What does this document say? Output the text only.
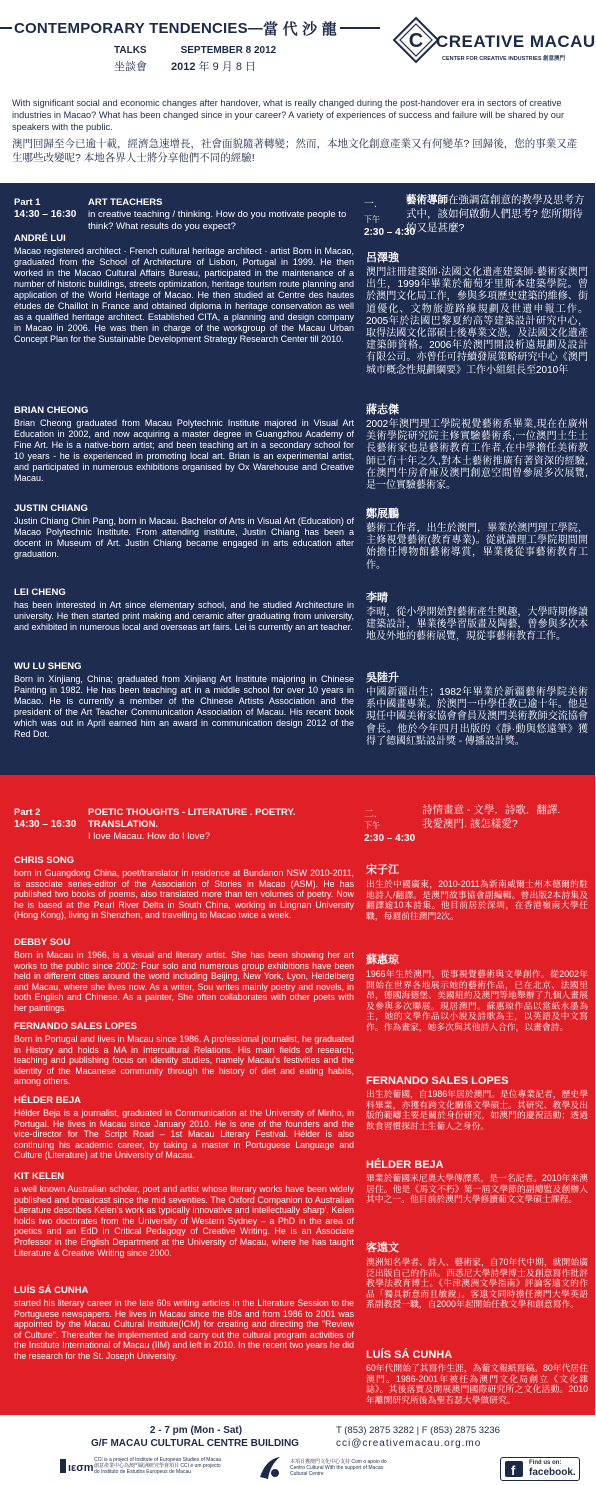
CONTEMPORARY TENDENCIES — 當 代 沙 龍
TALKS	SEPTEMBER 8 2012
坐談會 2012 年 9 月 8 日
C CREATIVE MACAU
CENTER FOR CREATIVE INDUSTRIES 創意澳門

With significant social and economic changes after handover, what is really changed during the post-handover era in sectors of creative industries in Macao? What has been changed since in your career? A variety of experiences of success and failure will be shared by our speakers with the public.

澳門回歸至今已逾十載，經濟急速增長，社會面貌隨著轉變；然而，本地文化創意產業又有何變革? 回歸後，您的事業又產生哪些改變呢? 本地各界人士將分享他們不同的經驗!

Part 1
14:30 – 16:30
ART TEACHERS
in creative teaching / thinking. How do you motivate people to think? What results do you expect?
一.
下午
2:30 – 4:30
藝術導師在強調富創意的教學及思考方式中，該如何啟動人們思考? 您所期待的又是甚麼?
ANDRÉ LUI
Macao registered architect · French cultural heritage architect · artist Born in Macao, graduated from the School of Architecture of Lisbon, Portugal in 1999. He then worked in the Macao Cultural Affairs Bureau, participated in the maintenance of a number of historic buildings, streets optimization, heritage tourism route planning and application of the World Heritage of Macao. He then studied at Centre des hautes études de Chaillot in France and obtained diploma in heritage conservation as well as a qualified heritage architect. Established CITA, a planning and design company in Macao in 2006. He was then in charge of the workgroup of the Macau Urban Concept Plan for the Sustainable Development Strategy Research Center till 2010.
BRIAN CHEONG
Brian Cheong graduated from Macau Polytechnic Institute majored in Visual Art Education in 2002, and now acquiring a master degree in Guangzhou Academy of Fine Art. He is a native-born artist; and been teaching art in a secondary school for 10 years - he is experienced in promoting local art. Brian is an experimental artist, and participated in numerous exhibitions organised by Ox Warehouse and Creative Macau.
JUSTIN CHIANG
Justin Chiang Chin Pang, born in Macau. Bachelor of Arts in Visual Art (Education) of Macao Polytechnic Institute. From attending institute, Justin Chiang has been a docent in Museum of Art. Justin Chiang became engaged in arts education after graduation.
LEI CHENG
has been interested in Art since elementary school, and he studied Architecture in university. He then started print making and ceramic after graduating from university, and exhibited in numerous local and overseas art fairs. Lei is currently an art teacher.
WU LU SHENG
Born in Xinjiang, China; graduated from Xinjiang Art Institute majoring in Chinese Painting in 1982. He has been teaching art in a middle school for over 10 years in Macao. He is currently a member of the Chinese Artists Association and the president of the Art Teacher Communication Association of Macau. His recent book which was out in April earned him an award in communication design 2012 of the Red Dot.
呂澤強
澳門註冊建築師·法國文化遺產建築師·藝術家澳門出生，1999年畢業於葡萄牙里斯本建築學院。曾於澳門文化局工作，參與多項歷史建築的維修、街道優化、文物旅遊路線規劃及世遺申報工作。2005年於法國巴黎夏約高等建築設計研究中心，取得法國文化部碩士後專業文憑，及法國文化遺產建築師資格。2006年於澳門開設析遠規劃及設計有限公司。亦曾任可持續發展策略研究中心《澳門城市概念性規劃綱要》工作小組組長至2010年
蔣志傑
2002年澳門理工學院視覺藝術系畢業,現在在廣州美術學院研究院主修實驗藝術系,一位澳門土生土長藝術家也是藝術教育工作者,在中學擔任美術教師已有十年之久,對本土藝術推廣有著資深的經驗,在澳門牛房倉庫及澳門創意空間曾參展多次展覽,是一位實驗藝術家。
鄭展鵬
藝術工作者，出生於澳門，畢業於澳門理工學院，主修視覺藝術(教育專業)。從就讀理工學院期間開始擔任博物館藝術導賞，畢業後從事藝術教育工作。
李晴
李晴，從小學開始對藝術產生興趣，大學時期修讀建築設計，畢業後學習版畫及陶藝，曾參與多次本地及外地的藝術展覽，現從事藝術教育工作。
吳陸升
中國新疆出生；1982年畢業於新疆藝術學院美術系中國畫專業。於澳門一中學任教已逾十年。他是現任中國美術家協會會員及澳門美術教師交流協會會長。他於今年四月出版的《靜·動與悠遠筆》獲得了德國紅點設計獎 - 傳播設計獎。
Part 2
14:30 – 16:30
POETIC THOUGHTS - LITERATURE . POETRY. TRANSLATION.
I love Macau. How do I love?
二.
下午
2:30 – 4:30
詩情畫意 - 文學．詩歌．翻譯.
我愛澳門. 該怎樣愛?
CHRIS SONG
born in Guangdong China, poet/translator in residence at Bundanon NSW 2010-2011, is associate series-editor of the Association of Stories in Macao (ASM). He has published two books of poems, also translated more than ten volumes of poetry. Now he is based at the Pearl River Delta in South China, working in Lingnan University (Hong Kong), living in Shenzhen, and travelling to Macao twice a week.
DEBBY SOU
Born in Macau in 1966, is a visual and literary artist. She has been showing her art works to the public since 2002: Four solo and numerous group exhibitions have been held in different cities around the world including Beijing, New York, Lyon, Heidelberg and Macau, where she lives now. As a writer, Sou writes mainly poetry and novels, in both English and Chinese. As a painter, She often collaborates with other poets with her paintings.
FERNANDO SALES LOPES
Born in Portugal and lives in Macau since 1986. A professional journalist, he graduated in History and holds a MA in Intercultural Relations. His main fields of research, teaching and publishing focus on identity studies, namely Macau's festivities and the identity of the Macanese community through the history of diet and eating habits, among others.
HÉLDER BEJA
Hélder Beja is a journalist, graduated in Communication at the University of Minho, in Portugal. He lives in Macau since January 2010. He is one of the founders and the vice-director for The Script Road – 1st Macau Literary Festival. Hélder is also continuing his academic career, by taking a master in Portuguese Language and Culture (Literature) at the University of Macau.
KIT KELEN
a well known Australian scholar, poet and artist whose literary works have been widely published and broadcast since the mid seventies. The Oxford Companion to Australian Literature describes Kelen's work as typically innovative and intellectually sharp'. Kelen holds two doctorates from the University of Western Sydney – a PhD in the area of poetics and an EdD in Critical Pedagogy of Creative Writing. He is an Associate Professor in the English Department at the University of Macau, where he has taught Literature & Creative Writing since 2000.
LUÍS SÁ CUNHA
started his literary career in the late 60s writing articles in the Literature Session to the Portuguese newspapers. He lives in Macau since the 80s and from 1986 to 2001 was appointed by the Macau Cultural Institute(ICM) for creating and directing the "Review of Culture". Thereafter he implemented and carry out the cultural program activities of the Institute International of Macau (IIM) and left in 2010. In the recent two years he did the research for the St. Joseph University.
宋子江
出生於中國廣東，2010-2011為新南威爾士州本德爾的駐地詩人/翻譯。是澳門故事協會副編輯。曾出版2本詩集及翻譯逾10本詩集。他目前居於深圳，在香港嶺南大學任職，每週前往澳門2次。
蘇惠琼
1966年生於澳門，從事視覺藝術與文學創作。從2002年開始在世界各地展示她的藝術作品，已在北京、法國里昂，德國海德堡、美國紐約及澳門等地舉辦了九個人畫展及參與多次聯展。現居澳門。蘇惠琼作品以當紙水墨為主，她的文學作品以小說及詩歌為主，以英語及中文寫作。作為畫家，她多次與其他詩人合作，以畫會詩。
FERNANDO SALES LOPES
出生於葡國，自1986年居於澳門。是位專業記者，歷史學科畢業，亦獲有跨文化關係文學碩士。其研究、教學及出版的範疇主要是關於身份研究，如澳門的慶祝活動；透過飲食習慣探討土生葡人之身份。
HÉLDER BEJA
畢業於葡國米尼奧大學傳譯系，是一名記者。2010年來澳居住。他是《馬文不朽》第一屆文學節的副總監及創辦人其中之一。他目前於澳門大學修讀葡文文學碩士課程。
客遠文
澳洲知名學者、詩人、藝術家，自70年代中期，就開始廣泛出版自己的作品。西悉尼大學詩學博士及創意寫作批評教學法教育博士。《牛津澳洲文學指南》評論客遠文的作品「獨具新意而且敏銳」。客遠文同時擔任澳門大學英語系副教授一職，自2000年起開始任教文學和創意寫作。
LUÍS SÁ CUNHA
60年代開始了其寫作生涯，為葡文報紙寫稿。80年代居住澳門。1986-2001年被任為澳門文化局創立《文化雜誌》。其後落實及開展澳門國際研究所之文化活動。2010年離開研究所後為聖若瑟大學做研究。
2 - 7 pm (Mon - Sat)
G/F MACAU CULTURAL CENTRE BUILDING
T (853) 2875 3282 | F (853) 2875 3236
cci@creativemacau.org.mo
ιεσm
CCI is a project of Institute of European Studies of Macau 創意產業中心為澳門歐洲研究學會項目 CCI é um projecto do Instituto de Estudos Europeus de Macau
本項目獲澳門文化中心支持 Com o apoio do Centro Cultural With the support of Macao Cultural Centre	f Find us on:
facebook.
